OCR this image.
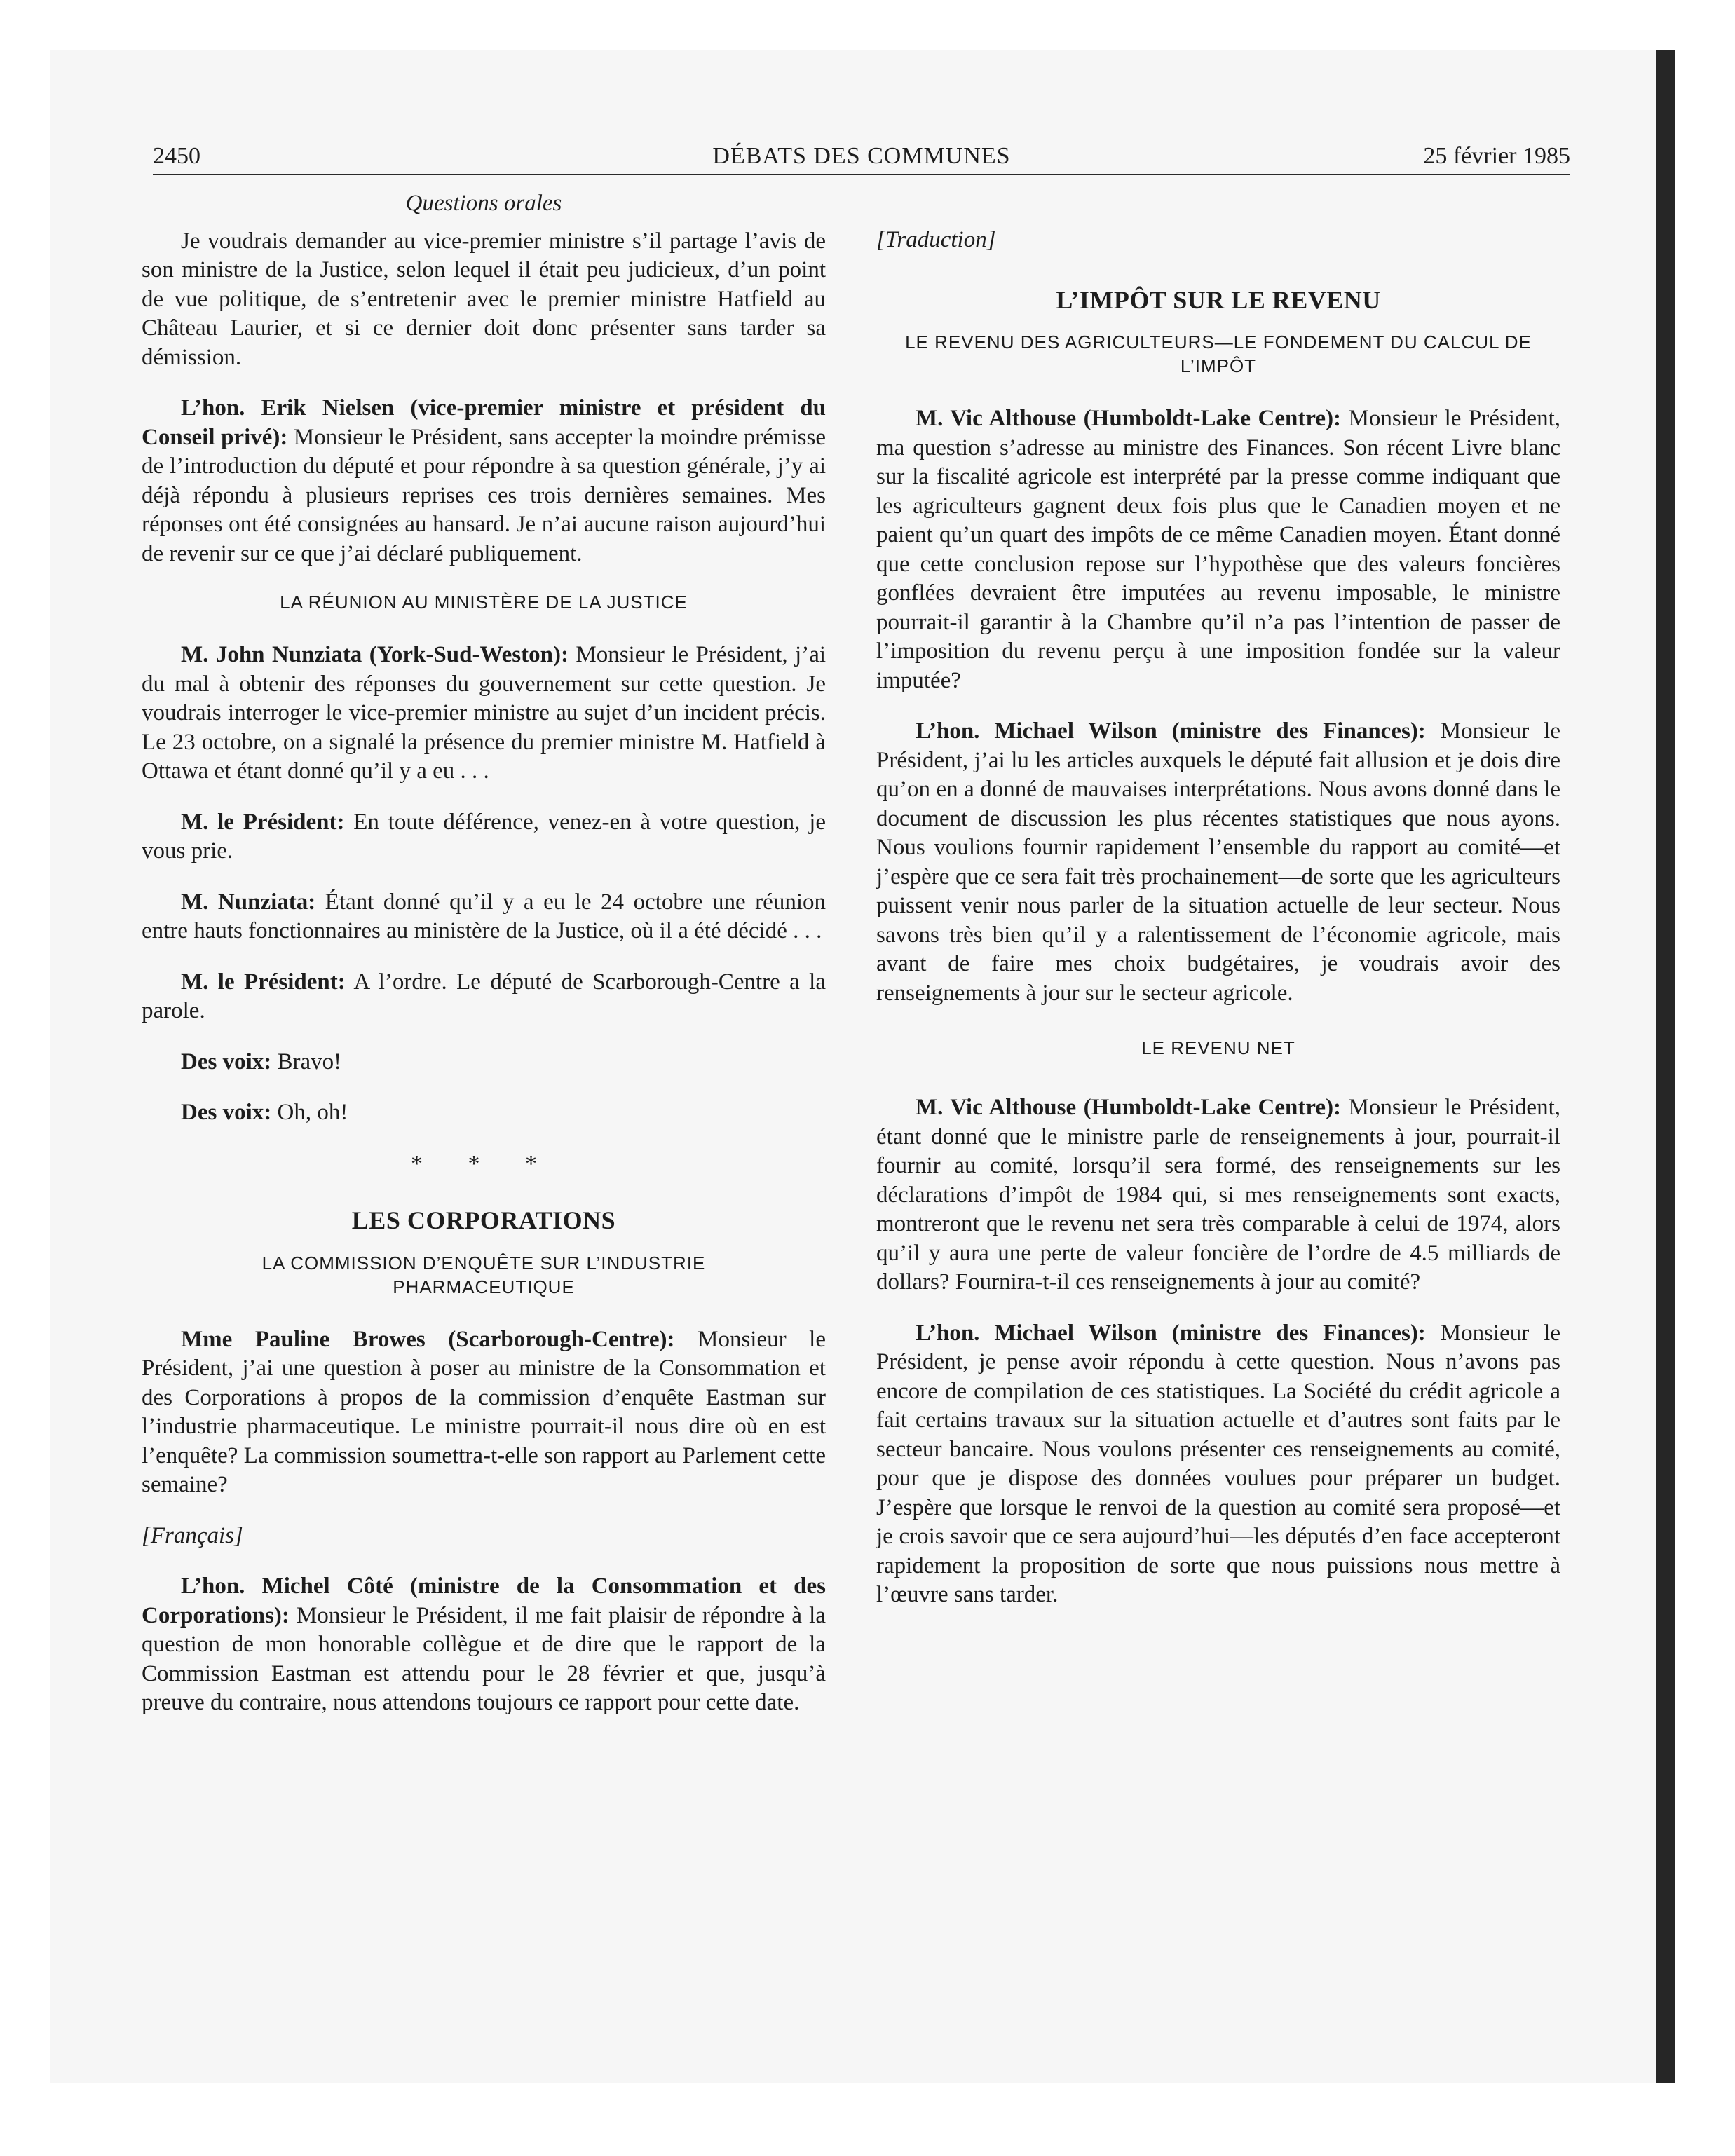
2450	DÉBATS DES COMMUNES	25 février 1985

Questions orales

Je voudrais demander au vice-premier ministre s’il partage l’avis de son ministre de la Justice, selon lequel il était peu judicieux, d’un point de vue politique, de s’entretenir avec le premier ministre Hatfield au Château Laurier, et si ce dernier doit donc présenter sans tarder sa démission.

L’hon. Erik Nielsen (vice-premier ministre et président du Conseil privé): Monsieur le Président, sans accepter la moindre prémisse de l’introduction du député et pour répondre à sa question générale, j’y ai déjà répondu à plusieurs reprises ces trois dernières semaines. Mes réponses ont été consignées au hansard. Je n’ai aucune raison aujourd’hui de revenir sur ce que j’ai déclaré publiquement.

LA RÉUNION AU MINISTÈRE DE LA JUSTICE

M. John Nunziata (York-Sud-Weston): Monsieur le Président, j’ai du mal à obtenir des réponses du gouvernement sur cette question. Je voudrais interroger le vice-premier ministre au sujet d’un incident précis. Le 23 octobre, on a signalé la présence du premier ministre M. Hatfield à Ottawa et étant donné qu’il y a eu . . .

M. le Président: En toute déférence, venez-en à votre question, je vous prie.

M. Nunziata: Étant donné qu’il y a eu le 24 octobre une réunion entre hauts fonctionnaires au ministère de la Justice, où il a été décidé . . .

M. le Président: A l’ordre. Le député de Scarborough-Centre a la parole.

Des voix: Bravo!

Des voix: Oh, oh!

* * *

LES CORPORATIONS

LA COMMISSION D’ENQUÊTE SUR L’INDUSTRIE PHARMACEUTIQUE

Mme Pauline Browes (Scarborough-Centre): Monsieur le Président, j’ai une question à poser au ministre de la Consommation et des Corporations à propos de la commission d’enquête Eastman sur l’industrie pharmaceutique. Le ministre pourrait-il nous dire où en est l’enquête? La commission soumettra-t-elle son rapport au Parlement cette semaine?

[Français]

L’hon. Michel Côté (ministre de la Consommation et des Corporations): Monsieur le Président, il me fait plaisir de répondre à la question de mon honorable collègue et de dire que le rapport de la Commission Eastman est attendu pour le 28 février et que, jusqu’à preuve du contraire, nous attendons toujours ce rapport pour cette date.

[Traduction]

L’IMPÔT SUR LE REVENU

LE REVENU DES AGRICULTEURS—LE FONDEMENT DU CALCUL DE L’IMPÔT

M. Vic Althouse (Humboldt-Lake Centre): Monsieur le Président, ma question s’adresse au ministre des Finances. Son récent Livre blanc sur la fiscalité agricole est interprété par la presse comme indiquant que les agriculteurs gagnent deux fois plus que le Canadien moyen et ne paient qu’un quart des impôts de ce même Canadien moyen. Étant donné que cette conclusion repose sur l’hypothèse que des valeurs foncières gonflées devraient être imputées au revenu imposable, le ministre pourrait-il garantir à la Chambre qu’il n’a pas l’intention de passer de l’imposition du revenu perçu à une imposition fondée sur la valeur imputée?

L’hon. Michael Wilson (ministre des Finances): Monsieur le Président, j’ai lu les articles auxquels le député fait allusion et je dois dire qu’on en a donné de mauvaises interprétations. Nous avons donné dans le document de discussion les plus récentes statistiques que nous ayons. Nous voulions fournir rapidement l’ensemble du rapport au comité—et j’espère que ce sera fait très prochainement—de sorte que les agriculteurs puissent venir nous parler de la situation actuelle de leur secteur. Nous savons très bien qu’il y a ralentissement de l’économie agricole, mais avant de faire mes choix budgétaires, je voudrais avoir des renseignements à jour sur le secteur agricole.

LE REVENU NET

M. Vic Althouse (Humboldt-Lake Centre): Monsieur le Président, étant donné que le ministre parle de renseignements à jour, pourrait-il fournir au comité, lorsqu’il sera formé, des renseignements sur les déclarations d’impôt de 1984 qui, si mes renseignements sont exacts, montreront que le revenu net sera très comparable à celui de 1974, alors qu’il y aura une perte de valeur foncière de l’ordre de 4.5 milliards de dollars? Fournira-t-il ces renseignements à jour au comité?

L’hon. Michael Wilson (ministre des Finances): Monsieur le Président, je pense avoir répondu à cette question. Nous n’avons pas encore de compilation de ces statistiques. La Société du crédit agricole a fait certains travaux sur la situation actuelle et d’autres sont faits par le secteur bancaire. Nous voulons présenter ces renseignements au comité, pour que je dispose des données voulues pour préparer un budget. J’espère que lorsque le renvoi de la question au comité sera proposé—et je crois savoir que ce sera aujourd’hui—les députés d’en face accepteront rapidement la proposition de sorte que nous puissions nous mettre à l’œuvre sans tarder.
